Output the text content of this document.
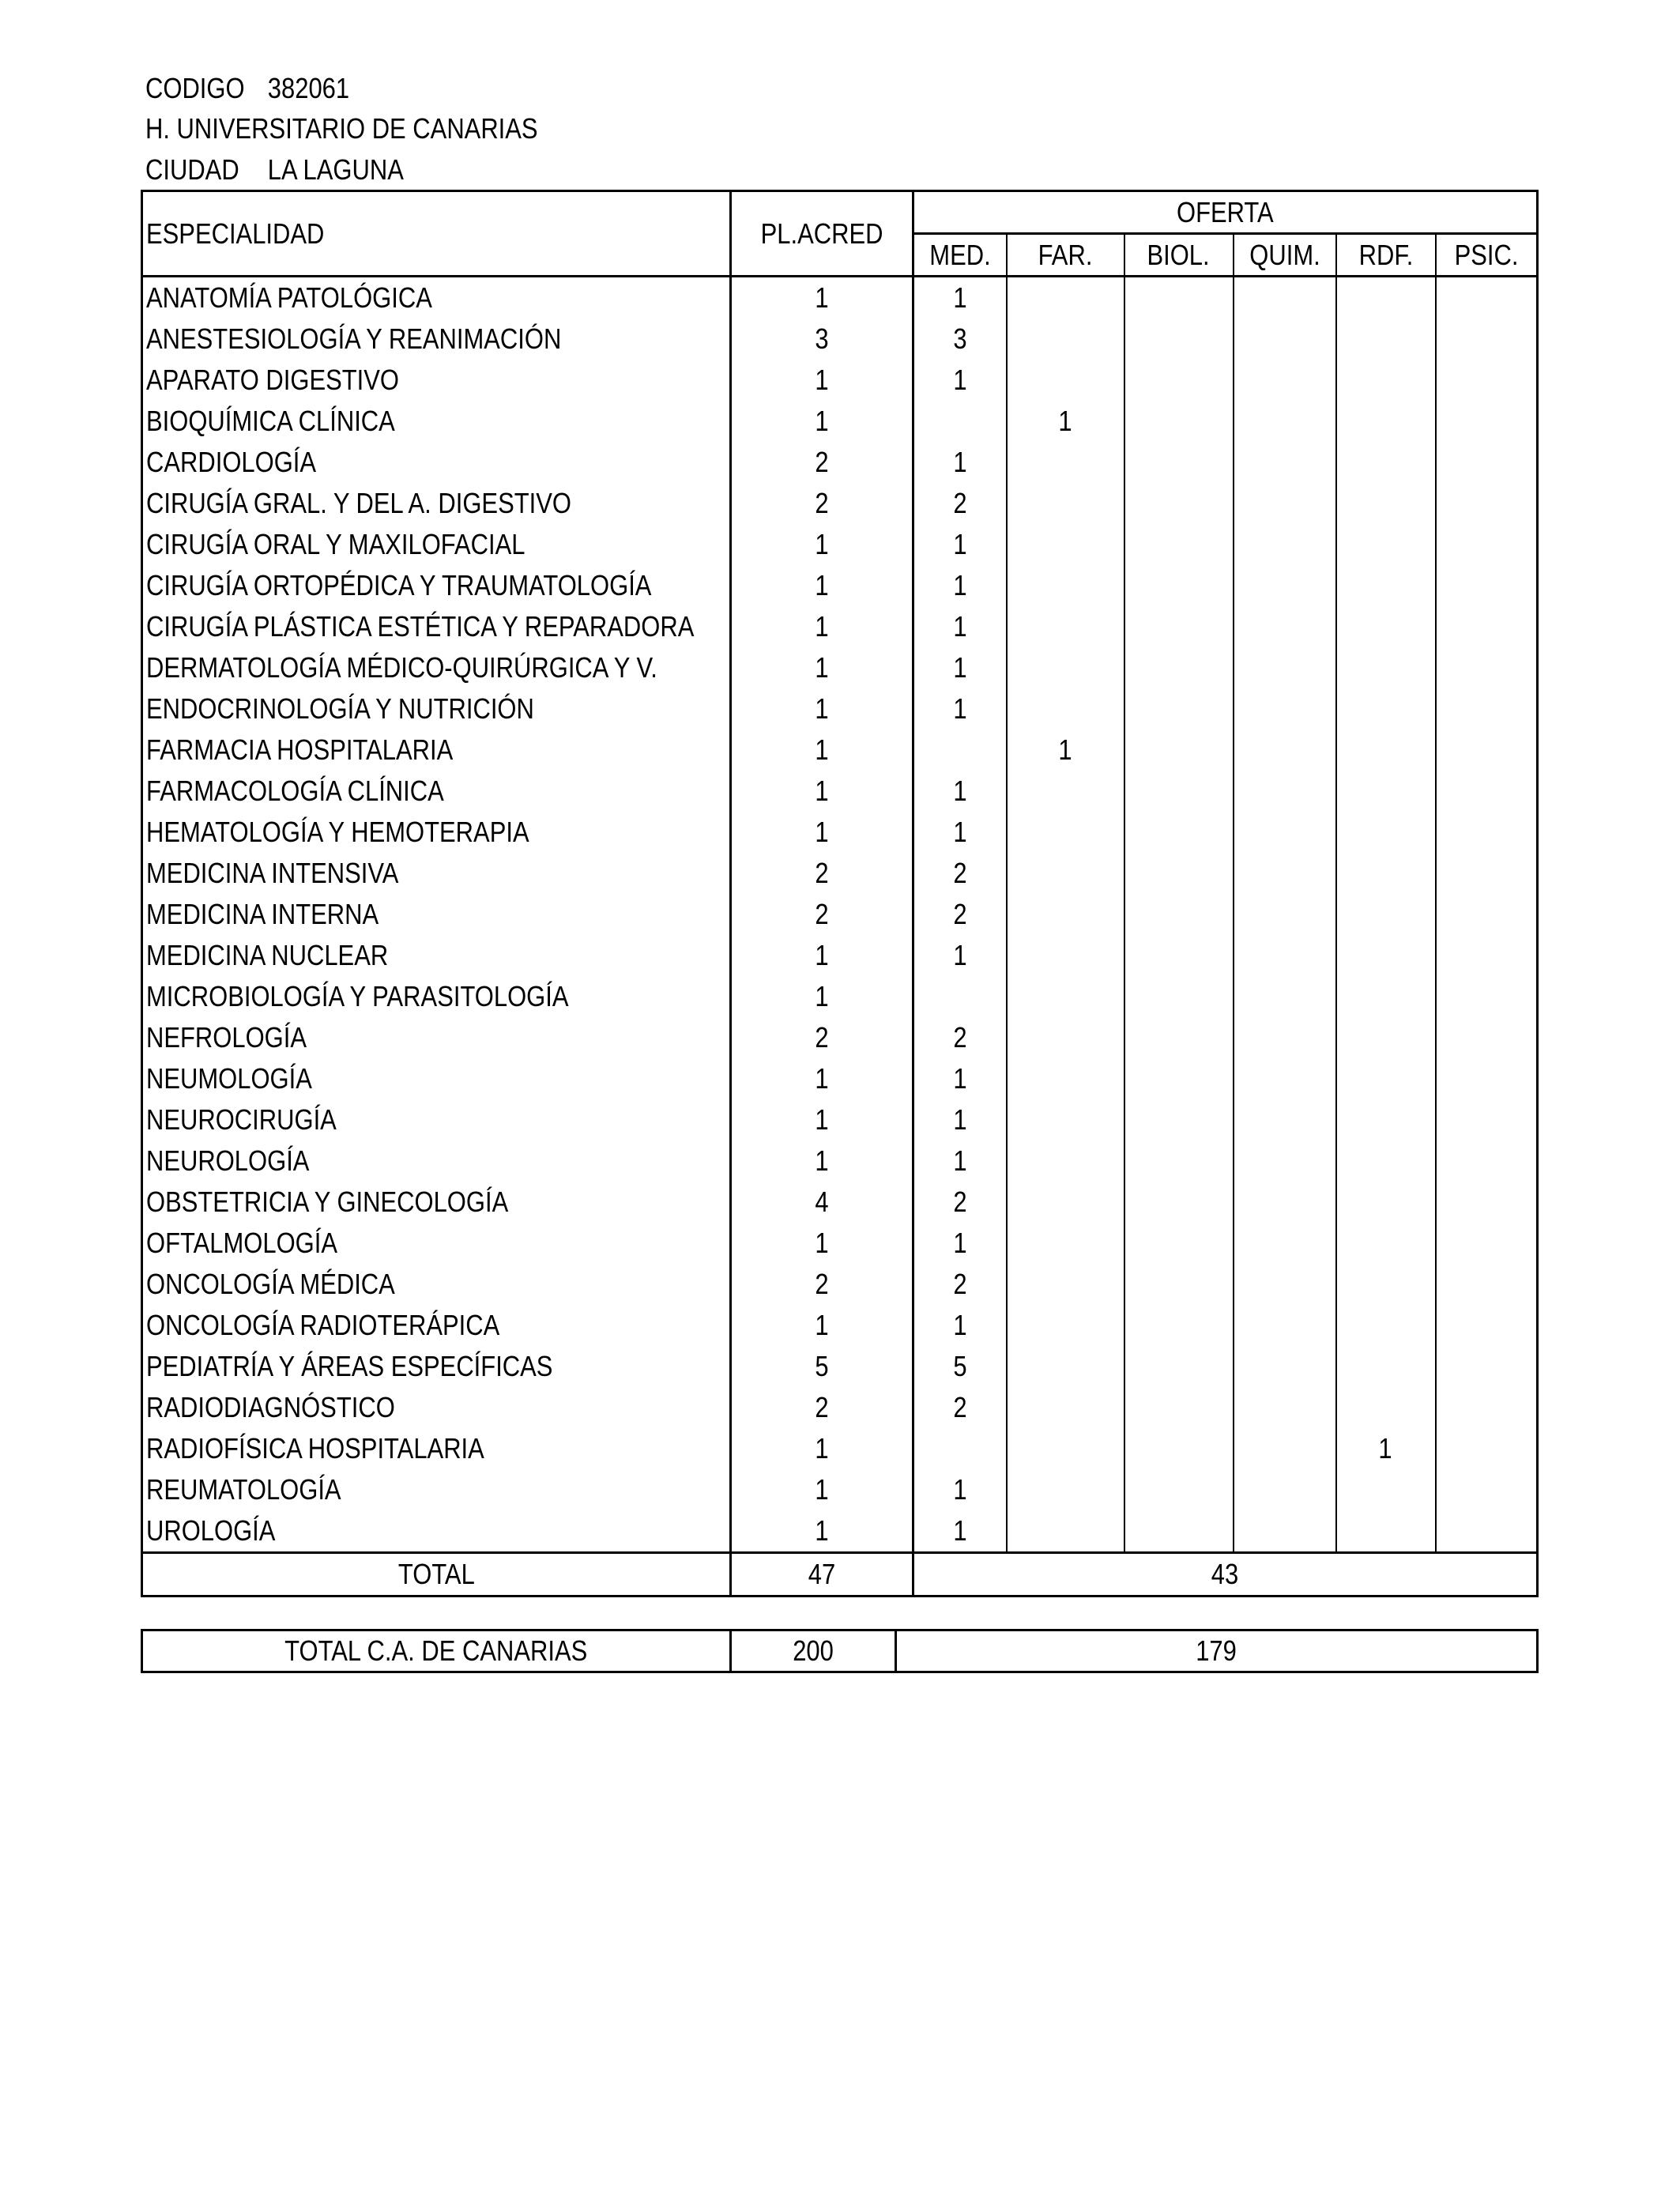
CODIGO 382061
H. UNIVERSITARIO DE CANARIAS
CIUDAD LA LAGUNA
ESPECIALIDAD	PL.ACRED	OFERTA					
		MED.	FAR.	BIOL.	QUIM.	RDF.	PSIC.
ANATOMÍA PATOLÓGICA	1	1					
ANESTESIOLOGÍA Y REANIMACIÓN	3	3					
APARATO DIGESTIVO	1	1					
BIOQUÍMICA CLÍNICA	1		1				
CARDIOLOGÍA	2	1					
CIRUGÍA GRAL. Y DEL A. DIGESTIVO	2	2					
CIRUGÍA ORAL Y MAXILOFACIAL	1	1					
CIRUGÍA ORTOPÉDICA Y TRAUMATOLOGÍA	1	1					
CIRUGÍA PLÁSTICA ESTÉTICA Y REPARADORA	1	1					
DERMATOLOGÍA MÉDICO-QUIRÚRGICA Y V.	1	1					
ENDOCRINOLOGÍA Y NUTRICIÓN	1	1					
FARMACIA HOSPITALARIA	1		1				
FARMACOLOGÍA CLÍNICA	1	1					
HEMATOLOGÍA Y HEMOTERAPIA	1	1					
MEDICINA INTENSIVA	2	2					
MEDICINA INTERNA	2	2					
MEDICINA NUCLEAR	1	1					
MICROBIOLOGÍA Y PARASITOLOGÍA	1						
NEFROLOGÍA	2	2					
NEUMOLOGÍA	1	1					
NEUROCIRUGÍA	1	1					
NEUROLOGÍA	1	1					
OBSTETRICIA Y GINECOLOGÍA	4	2					
OFTALMOLOGÍA	1	1					
ONCOLOGÍA MÉDICA	2	2					
ONCOLOGÍA RADIOTERÁPICA	1	1					
PEDIATRÍA Y ÁREAS ESPECÍFICAS	5	5					
RADIODIAGNÓSTICO	2	2					
RADIOFÍSICA HOSPITALARIA	1					1	
REUMATOLOGÍA	1	1					
UROLOGÍA	1	1					
TOTAL	47	43					
TOTAL C.A. DE CANARIAS	200	179
